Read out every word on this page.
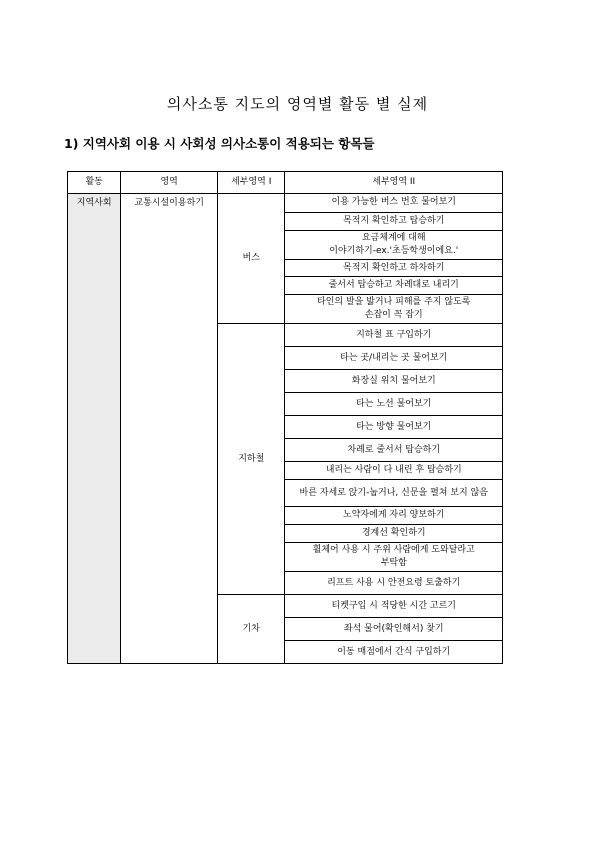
의사소통 지도의 영역별 활동 별 실제
1) 지역사회 이용 시 사회성 의사소통이 적용되는 항목들
활동	영역	세부영역 I	세부영역 II
지역사회	교통시설이용하기	버스	이용 가능한 버스 번호 물어보기
			목적지 확인하고 탑승하기
			요금체계에 대해
이야기하기-ex.'초등학생이에요.'
			목적지 확인하고 하차하기
			줄서서 탑승하고 차례대로 내리기
			타인의 발을 밟거나 피해를 주지 않도록
손잡이 꼭 잡기
		지하철	지하철 표 구입하기
			타는 곳/내리는 곳 물어보기
			화장실 위치 물어보기
			타는 노선 물어보기
			타는 방향 물어보기
			차례로 줄서서 탑승하기
			내리는 사람이 다 내린 후 탑승하기
			바른 자세로 앉기-눕거나, 신문을 펼쳐 보지 않음
			노약자에게 자리 양보하기
			경계선 확인하기
			휠체어 사용 시 주위 사람에게 도와달라고
부탁함
			리프트 사용 시 안전요령 토출하기
		기차	티켓구입 시 적당한 시간 고르기
			좌석 물어(확인해서) 찾기
			이동 매점에서 간식 구입하기
